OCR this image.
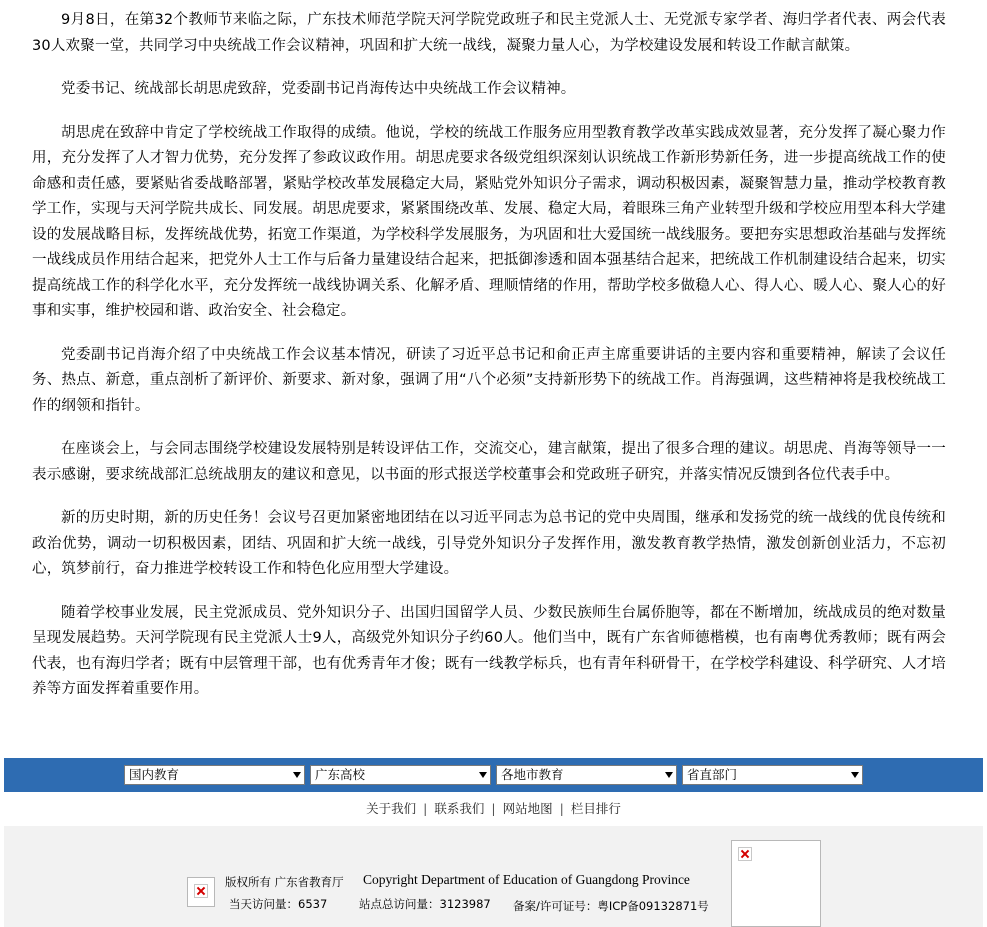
9月8日，在第32个教师节来临之际，广东技术师范学院天河学院党政班子和民主党派人士、无党派专家学者、海归学者代表、两会代表30人欢聚一堂，共同学习中央统战工作会议精神，巩固和扩大统一战线，凝聚力量人心，为学校建设发展和转设工作献言献策。

党委书记、统战部长胡思虎致辞，党委副书记肖海传达中央统战工作会议精神。

胡思虎在致辞中肯定了学校统战工作取得的成绩。他说，学校的统战工作服务应用型教育教学改革实践成效显著，充分发挥了凝心聚力作用，充分发挥了人才智力优势，充分发挥了参政议政作用。胡思虎要求各级党组织深刻认识统战工作新形势新任务，进一步提高统战工作的使命感和责任感，要紧贴省委战略部署，紧贴学校改革发展稳定大局，紧贴党外知识分子需求，调动积极因素，凝聚智慧力量，推动学校教育教学工作，实现与天河学院共成长、同发展。胡思虎要求，紧紧围绕改革、发展、稳定大局，着眼珠三角产业转型升级和学校应用型本科大学建设的发展战略目标，发挥统战优势，拓宽工作渠道，为学校科学发展服务，为巩固和壮大爱国统一战线服务。要把夯实思想政治基础与发挥统一战线成员作用结合起来，把党外人士工作与后备力量建设结合起来，把抵御渗透和固本强基结合起来，把统战工作机制建设结合起来，切实提高统战工作的科学化水平，充分发挥统一战线协调关系、化解矛盾、理顺情绪的作用，帮助学校多做稳人心、得人心、暖人心、聚人心的好事和实事，维护校园和谐、政治安全、社会稳定。

党委副书记肖海介绍了中央统战工作会议基本情况，研读了习近平总书记和俞正声主席重要讲话的主要内容和重要精神，解读了会议任务、热点、新意，重点剖析了新评价、新要求、新对象，强调了用“八个必须”支持新形势下的统战工作。肖海强调，这些精神将是我校统战工作的纲领和指针。

在座谈会上，与会同志围绕学校建设发展特别是转设评估工作，交流交心，建言献策，提出了很多合理的建议。胡思虎、肖海等领导一一表示感谢，要求统战部汇总统战朋友的建议和意见，以书面的形式报送学校董事会和党政班子研究，并落实情况反馈到各位代表手中。

新的历史时期，新的历史任务！会议号召更加紧密地团结在以习近平同志为总书记的党中央周围，继承和发扬党的统一战线的优良传统和政治优势，调动一切积极因素，团结、巩固和扩大统一战线，引导党外知识分子发挥作用，激发教育教学热情，激发创新创业活力，不忘初心，筑梦前行，奋力推进学校转设工作和特色化应用型大学建设。

随着学校事业发展，民主党派成员、党外知识分子、出国归国留学人员、少数民族师生台属侨胞等，都在不断增加，统战成员的绝对数量呈现发展趋势。天河学院现有民主党派人士9人，高级党外知识分子约60人。他们当中，既有广东省师德楷模，也有南粤优秀教师；既有两会代表，也有海归学者；既有中层管理干部，也有优秀青年才俊；既有一线教学标兵，也有青年科研骨干，在学校学科建设、科学研究、人才培养等方面发挥着重要作用。

国内教育	广东高校	各地市教育	省直部门
关于我们 | 联系我们 | 网站地图 | 栏目排行
版权所有 广东省教育厅 Copyright Department of Education of Guangdong Province
当天访问量：6537	站点总访问量：3123987 备案/许可证号：粤ICP备09132871号
